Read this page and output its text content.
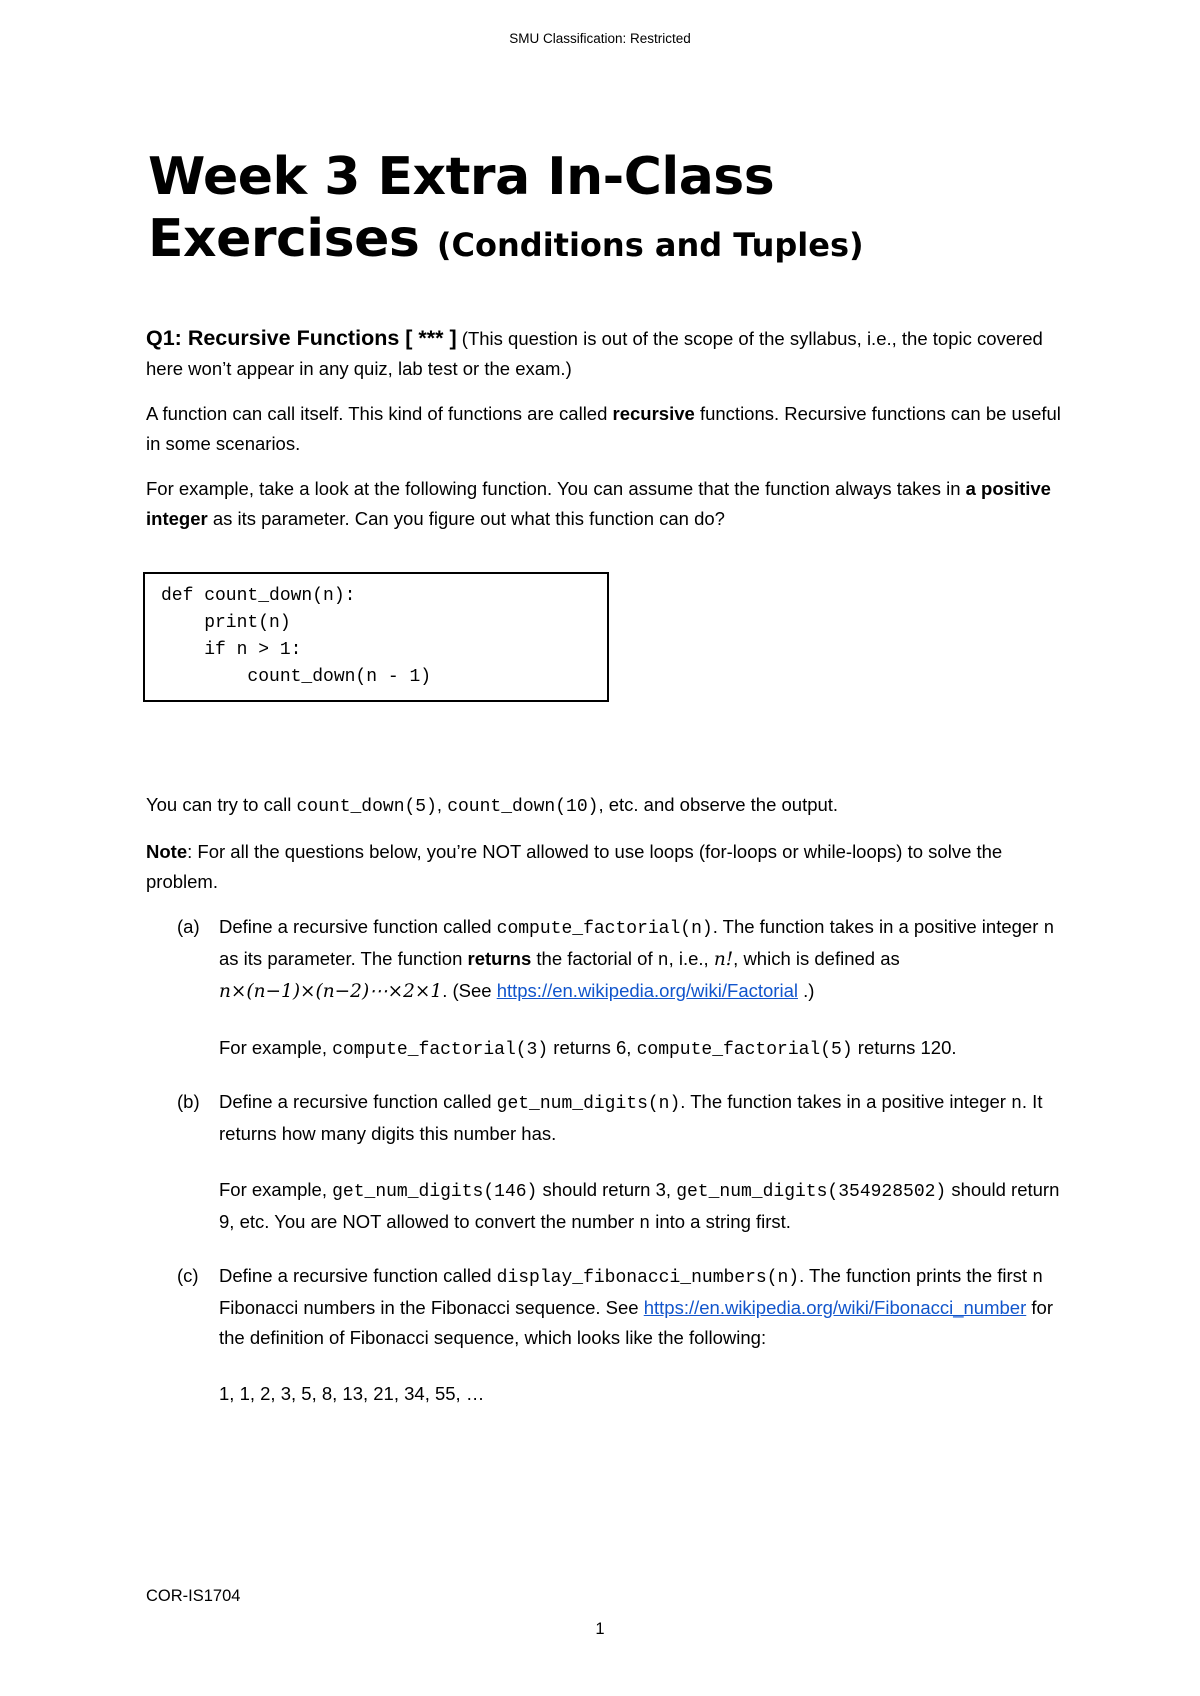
SMU Classification: Restricted
Week 3 Extra In-Class
Exercises (Conditions and Tuples)

Q1: Recursive Functions [ *** ] (This question is out of the scope of the syllabus, i.e., the topic covered here won’t appear in any quiz, lab test or the exam.)

A function can call itself. This kind of functions are called recursive functions. Recursive functions can be useful in some scenarios.

For example, take a look at the following function. You can assume that the function always takes in a positive integer as its parameter. Can you figure out what this function can do?

def count_down(n):
print(n)
if n > 1:
count_down(n - 1)

You can try to call count_down(5), count_down(10), etc. and observe the output.

Note: For all the questions below, you’re NOT allowed to use loops (for-loops or while-loops) to solve the problem.

(a)	Define a recursive function called compute_factorial(n). The function takes in a positive integer n as its parameter. The function returns the factorial of n, i.e., n!, which is defined as n×(n−1)×(n−2)⋯×2×1. (See https://en.wikipedia.org/wiki/Factorial .)

For example, compute_factorial(3) returns 6, compute_factorial(5) returns 120.

(b)	Define a recursive function called get_num_digits(n). The function takes in a positive integer n. It returns how many digits this number has.

For example, get_num_digits(146) should return 3, get_num_digits(354928502) should return 9, etc. You are NOT allowed to convert the number n into a string first.

(c)	Define a recursive function called display_fibonacci_numbers(n). The function prints the first n Fibonacci numbers in the Fibonacci sequence. See https://en.wikipedia.org/wiki/Fibonacci_number for the definition of Fibonacci sequence, which looks like the following:

1, 1, 2, 3, 5, 8, 13, 21, 34, 55, …

COR-IS1704
1
